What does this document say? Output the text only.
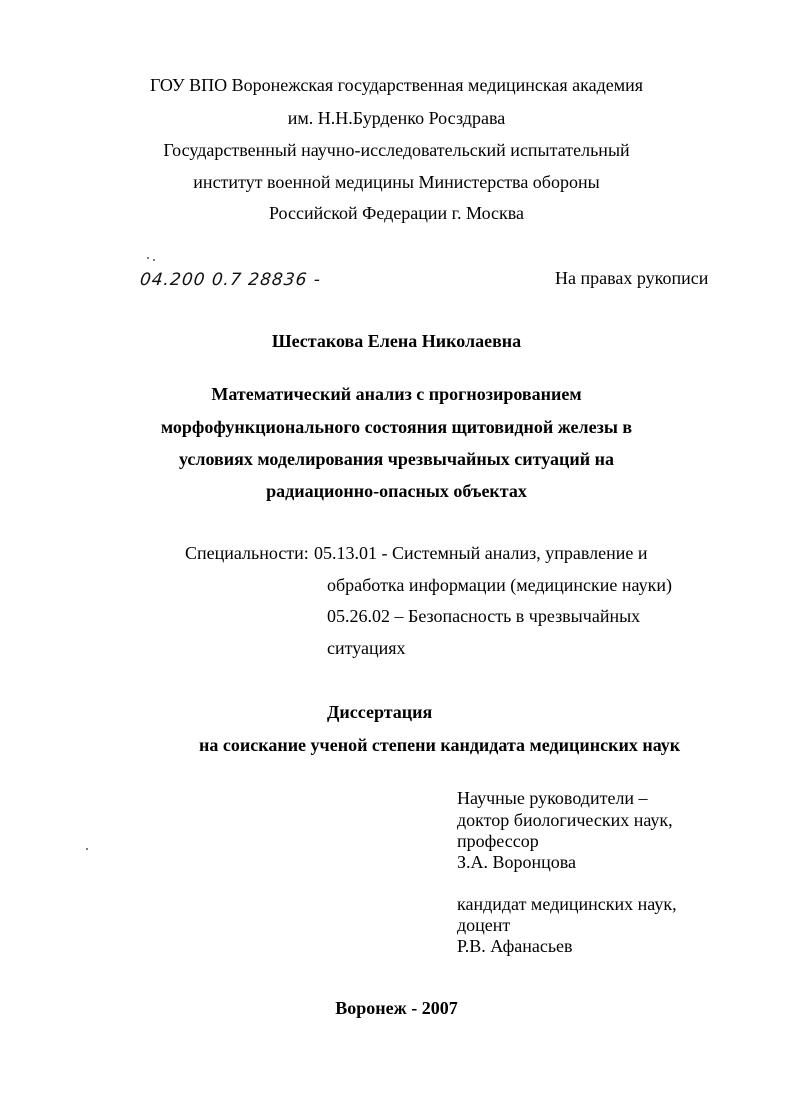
ГОУ ВПО Воронежская государственная медицинская академия
им. Н.Н.Бурденко Росздрава
Государственный научно-исследовательский испытательный
институт военной медицины Министерства обороны
Российской Федерации г. Москва
04.200 0.7 28836 -	На правах рукописи
Шестакова Елена Николаевна
Математический анализ с прогнозированием
морфофункционального состояния щитовидной железы в
условиях моделирования чрезвычайных ситуаций на
радиационно-опасных объектах
Специальности: 05.13.01 - Системный анализ, управление и
обработка информации (медицинские науки)
05.26.02 – Безопасность в чрезвычайных
ситуациях
Диссертация
на соискание ученой степени кандидата медицинских наук
Научные руководители –
доктор биологических наук,
профессор
З.А. Воронцова
кандидат медицинских наук,
доцент
Р.В. Афанасьев
Воронеж - 2007
